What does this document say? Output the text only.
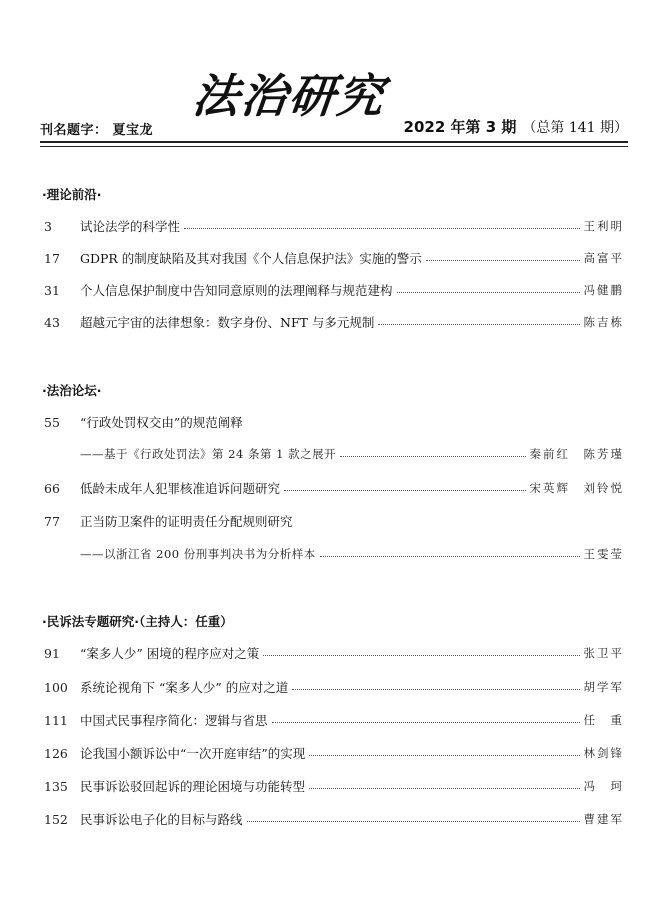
刊名题字： 夏宝龙
法治研究
2022 年第 3 期 （总第 141 期）
·理论前沿·
3	试论法学的科学性	王利明
17	GDPR 的制度缺陷及其对我国《个人信息保护法》实施的警示	高富平
31	个人信息保护制度中告知同意原则的法理阐释与规范建构	冯健鹏
43	超越元宇宙的法律想象：数字身份、NFT 与多元规制	陈吉栋
·法治论坛·
55	“行政处罚权交由”的规范阐释
——基于《行政处罚法》第 24 条第 1 款之展开	秦前红　陈芳瑾
66	低龄未成年人犯罪核准追诉问题研究	宋英辉　刘铃悦
77	正当防卫案件的证明责任分配规则研究
——以浙江省 200 份刑事判决书为分析样本	王雯莹
·民诉法专题研究·（主持人：任重）
91	“案多人少” 困境的程序应对之策	张卫平
100 系统论视角下 “案多人少” 的应对之道	胡学军
111 中国式民事程序简化：逻辑与省思	任　重
126 论我国小额诉讼中“一次开庭审结”的实现	林剑锋
135 民事诉讼驳回起诉的理论困境与功能转型	冯　珂
152 民事诉讼电子化的目标与路线	曹建军
